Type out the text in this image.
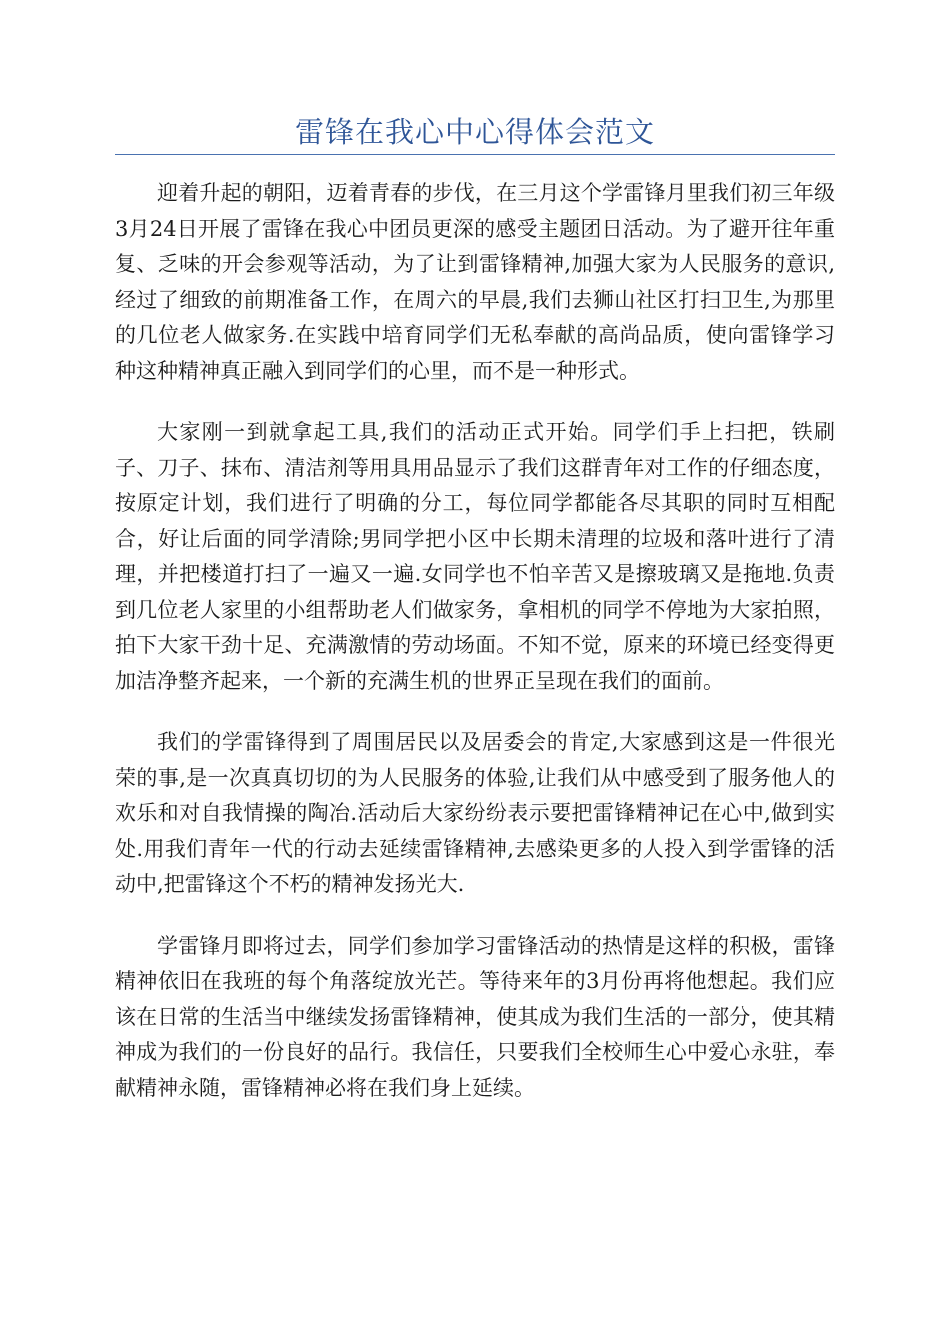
雷锋在我心中心得体会范文

迎着升起的朝阳，迈着青春的步伐，在三月这个学雷锋月里我们初三年级3月24日开展了雷锋在我心中团员更深的感受主题团日活动。为了避开往年重复、乏味的开会参观等活动，为了让到雷锋精神,加强大家为人民服务的意识,经过了细致的前期准备工作，在周六的早晨,我们去狮山社区打扫卫生,为那里的几位老人做家务.在实践中培育同学们无私奉献的高尚品质，使向雷锋学习种这种精神真正融入到同学们的心里，而不是一种形式。

大家刚一到就拿起工具,我们的活动正式开始。同学们手上扫把，铁刷子、刀子、抹布、清洁剂等用具用品显示了我们这群青年对工作的仔细态度，按原定计划，我们进行了明确的分工，每位同学都能各尽其职的同时互相配合，好让后面的同学清除;男同学把小区中长期未清理的垃圾和落叶进行了清理，并把楼道打扫了一遍又一遍.女同学也不怕辛苦又是擦玻璃又是拖地.负责到几位老人家里的小组帮助老人们做家务，拿相机的同学不停地为大家拍照，拍下大家干劲十足、充满激情的劳动场面。不知不觉，原来的环境已经变得更加洁净整齐起来，一个新的充满生机的世界正呈现在我们的面前。

我们的学雷锋得到了周围居民以及居委会的肯定,大家感到这是一件很光荣的事,是一次真真切切的为人民服务的体验,让我们从中感受到了服务他人的欢乐和对自我情操的陶冶.活动后大家纷纷表示要把雷锋精神记在心中,做到实处.用我们青年一代的行动去延续雷锋精神,去感染更多的人投入到学雷锋的活动中,把雷锋这个不朽的精神发扬光大.

学雷锋月即将过去，同学们参加学习雷锋活动的热情是这样的积极，雷锋精神依旧在我班的每个角落绽放光芒。等待来年的3月份再将他想起。我们应该在日常的生活当中继续发扬雷锋精神，使其成为我们生活的一部分，使其精神成为我们的一份良好的品行。我信任，只要我们全校师生心中爱心永驻，奉献精神永随，雷锋精神必将在我们身上延续。
